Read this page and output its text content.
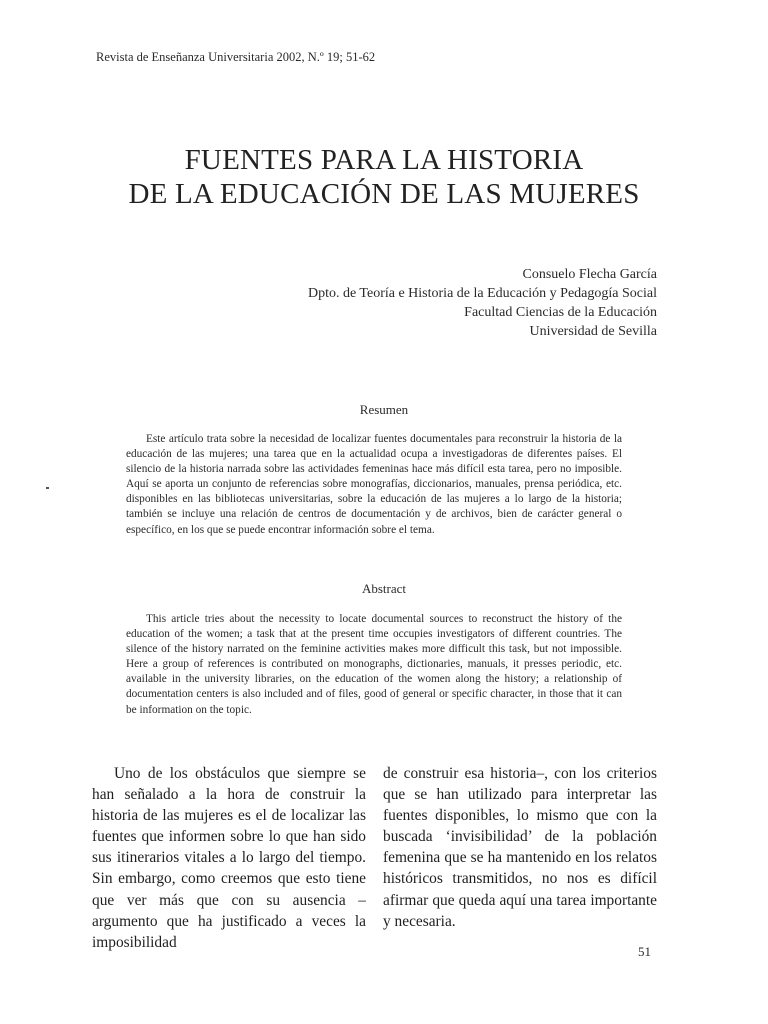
Revista de Enseñanza Universitaria 2002, N.º 19; 51-62
FUENTES PARA LA HISTORIA
DE LA EDUCACIÓN DE LAS MUJERES
Consuelo Flecha García
Dpto. de Teoría e Historia de la Educación y Pedagogía Social
Facultad Ciencias de la Educación
Universidad de Sevilla
Resumen

Este artículo trata sobre la necesidad de localizar fuentes documentales para reconstruir la historia de la educación de las mujeres; una tarea que en la actualidad ocupa a investigadoras de diferentes países. El silencio de la historia narrada sobre las actividades femeninas hace más difícil esta tarea, pero no imposible. Aquí se aporta un conjunto de referencias sobre monografías, diccionarios, manuales, prensa periódica, etc. disponibles en las bibliotecas universitarias, sobre la educación de las mujeres a lo largo de la historia; también se incluye una relación de centros de documentación y de archivos, bien de carácter general o específico, en los que se puede encontrar información sobre el tema.

Abstract

This article tries about the necessity to locate documental sources to reconstruct the history of the education of the women; a task that at the present time occupies investigators of different countries. The silence of the history narrated on the feminine activities makes more difficult this task, but not impossible. Here a group of references is contributed on monographs, dictionaries, manuals, it presses periodic, etc. available in the university libraries, on the education of the women along the history; a relationship of documentation centers is also included and of files, good of general or specific character, in those that it can be information on the topic.

Uno de los obstáculos que siempre se han señalado a la hora de construir la historia de las mujeres es el de localizar las fuentes que informen sobre lo que han sido sus itinerarios vitales a lo largo del tiempo. Sin embargo, como creemos que esto tiene que ver más que con su ausencia –argumento que ha justificado a veces la imposibilidad

de construir esa historia–, con los criterios que se han utilizado para interpretar las fuentes disponibles, lo mismo que con la buscada ‘invisibilidad’ de la población femenina que se ha mantenido en los relatos históricos transmitidos, no nos es difícil afirmar que queda aquí una tarea importante y necesaria.

51
